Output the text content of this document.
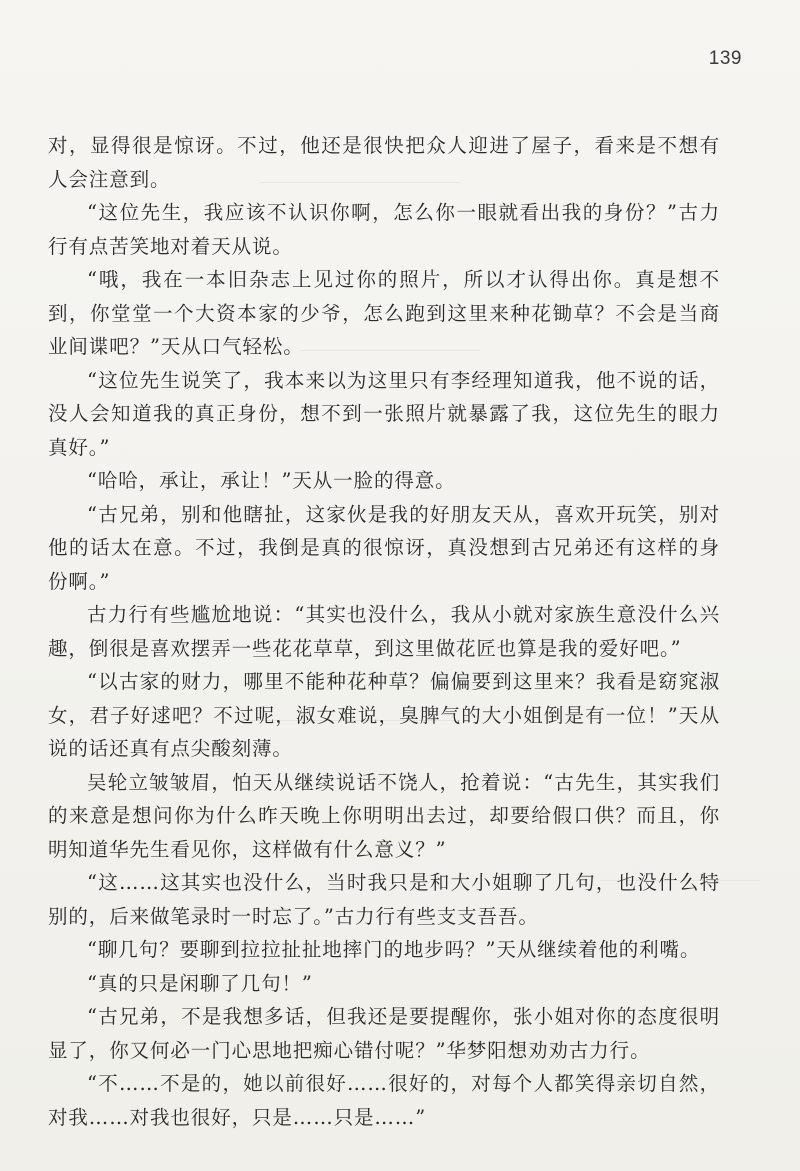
139

对，显得很是惊讶。不过，他还是很快把众人迎进了屋子，看来是不想有人会注意到。

“这位先生，我应该不认识你啊，怎么你一眼就看出我的身份？”古力行有点苦笑地对着天从说。

“哦，我在一本旧杂志上见过你的照片，所以才认得出你。真是想不到，你堂堂一个大资本家的少爷，怎么跑到这里来种花锄草？不会是当商业间谍吧？”天从口气轻松。

“这位先生说笑了，我本来以为这里只有李经理知道我，他不说的话，没人会知道我的真正身份，想不到一张照片就暴露了我，这位先生的眼力真好。”

“哈哈，承让，承让！”天从一脸的得意。

“古兄弟，别和他瞎扯，这家伙是我的好朋友天从，喜欢开玩笑，别对他的话太在意。不过，我倒是真的很惊讶，真没想到古兄弟还有这样的身份啊。”

古力行有些尴尬地说：“其实也没什么，我从小就对家族生意没什么兴趣，倒很是喜欢摆弄一些花花草草，到这里做花匠也算是我的爱好吧。”

“以古家的财力，哪里不能种花种草？偏偏要到这里来？我看是窈窕淑女，君子好逑吧？不过呢，淑女难说，臭脾气的大小姐倒是有一位！”天从说的话还真有点尖酸刻薄。

吴轮立皱皱眉，怕天从继续说话不饶人，抢着说：“古先生，其实我们的来意是想问你为什么昨天晚上你明明出去过，却要给假口供？而且，你明知道华先生看见你，这样做有什么意义？”

“这……这其实也没什么，当时我只是和大小姐聊了几句，也没什么特别的，后来做笔录时一时忘了。”古力行有些支支吾吾。

“聊几句？要聊到拉拉扯扯地摔门的地步吗？”天从继续着他的利嘴。

“真的只是闲聊了几句！”

“古兄弟，不是我想多话，但我还是要提醒你，张小姐对你的态度很明显了，你又何必一门心思地把痴心错付呢？”华梦阳想劝劝古力行。

“不……不是的，她以前很好……很好的，对每个人都笑得亲切自然，对我……对我也很好，只是……只是……”
